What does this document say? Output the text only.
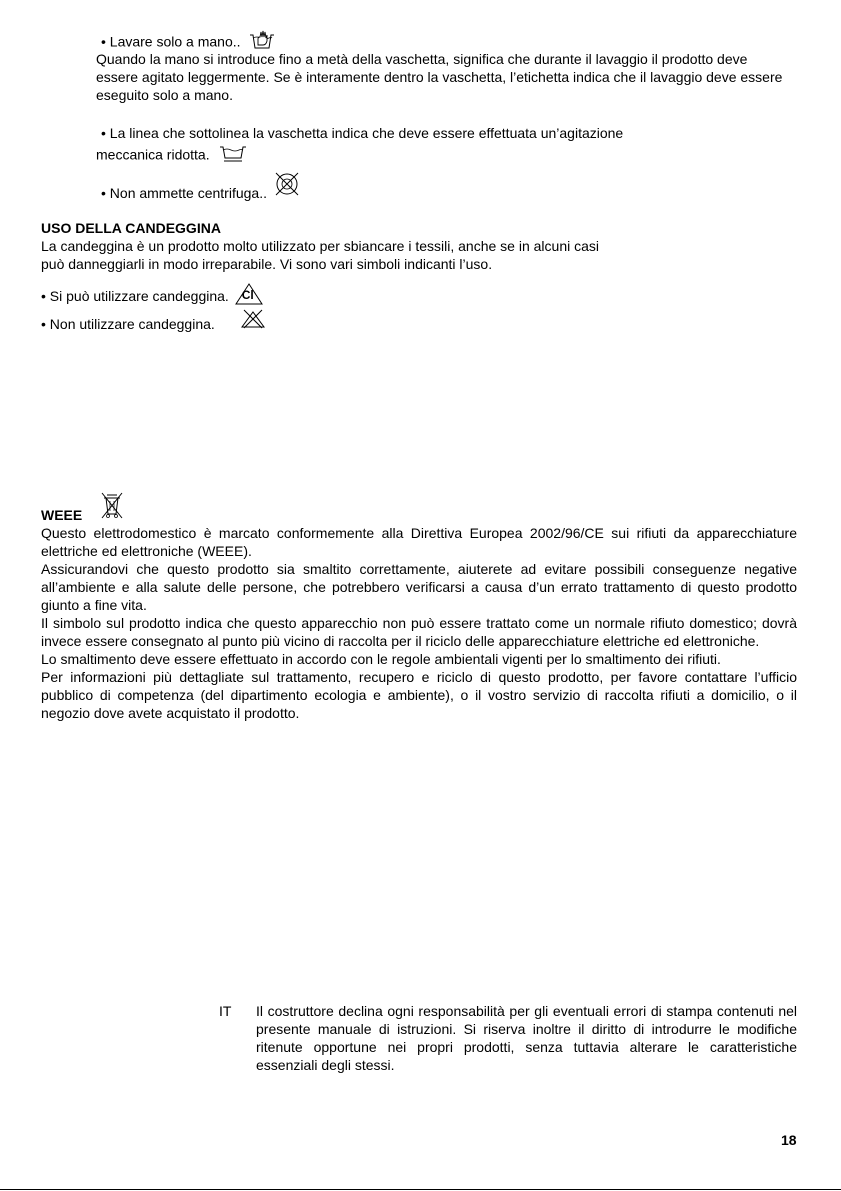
• Lavare solo a mano..
Quando la mano si introduce fino a metà della vaschetta, significa che durante il lavaggio il prodotto deve essere agitato leggermente. Se è interamente dentro la vaschetta, l’etichetta indica che il lavaggio deve essere eseguito solo a mano.
• La linea che sottolinea la vaschetta indica che deve essere effettuata un’agitazione
meccanica ridotta.
• Non ammette centrifuga..
USO DELLA CANDEGGINA
La candeggina è un prodotto molto utilizzato per sbiancare i tessili, anche se in alcuni casi
può danneggiarli in modo irreparabile. Vi sono vari simboli indicanti l’uso.
• Si può utilizzare candeggina. Cl
• Non utilizzare candeggina.
WEEE
Questo elettrodomestico è marcato conformemente alla Direttiva Europea 2002/96/CE sui rifiuti da apparecchiature elettriche ed elettroniche (WEEE).
Assicurandovi che questo prodotto sia smaltito correttamente, aiuterete ad evitare possibili conseguenze negative all’ambiente e alla salute delle persone, che potrebbero verificarsi a causa d’un errato trattamento di questo prodotto giunto a fine vita.
Il simbolo sul prodotto indica che questo apparecchio non può essere trattato come un normale rifiuto domestico; dovrà invece essere consegnato al punto più vicino di raccolta per il riciclo delle apparecchiature elettriche ed elettroniche.
Lo smaltimento deve essere effettuato in accordo con le regole ambientali vigenti per lo smaltimento dei rifiuti.
Per informazioni più dettagliate sul trattamento, recupero e riciclo di questo prodotto, per favore contattare l’ufficio pubblico di competenza (del dipartimento ecologia e ambiente), o il vostro servizio di raccolta rifiuti a domicilio, o il negozio dove avete acquistato il prodotto.
IT Il costruttore declina ogni responsabilità per gli eventuali errori di stampa contenuti nel presente manuale di istruzioni. Si riserva inoltre il diritto di introdurre le modifiche ritenute opportune nei propri prodotti, senza tuttavia alterare le caratteristiche essenziali degli stessi.
18
